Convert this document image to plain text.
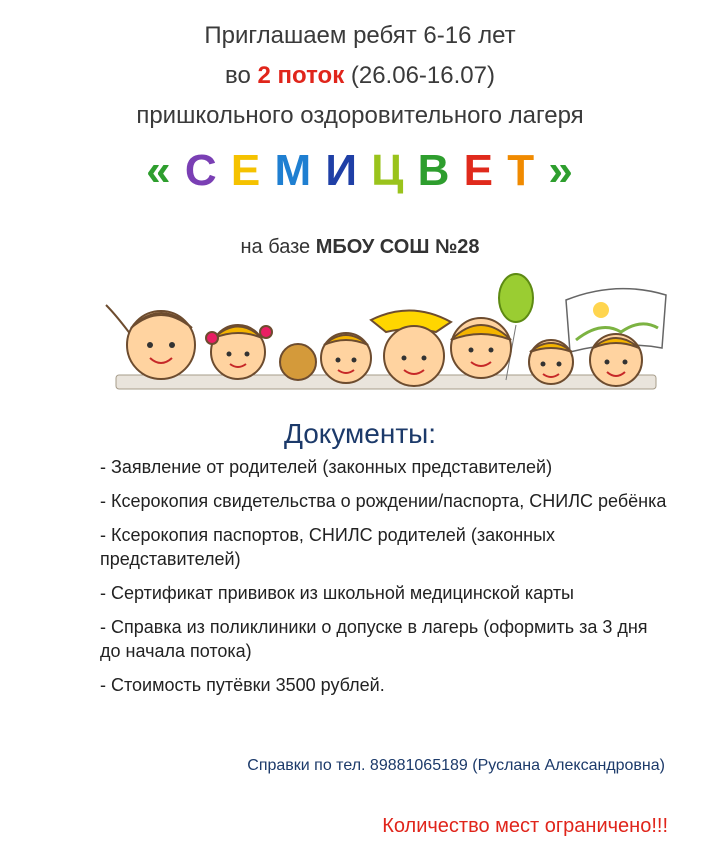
Приглашаем ребят 6-16 лет
во 2 поток (26.06-16.07)
пришкольного оздоровительного лагеря
« С Е М И Ц В Е Т »
на базе МБОУ СОШ №28
Документы:
- Заявление от родителей (законных представителей)
- Ксерокопия свидетельства о рождении/паспорта, СНИЛС ребёнка
- Ксерокопия паспортов, СНИЛС родителей (законных представителей)
- Сертификат прививок из школьной медицинской карты
- Справка из поликлиники о допуске в лагерь (оформить за 3 дня до начала потока)
- Стоимость путёвки 3500 рублей.
Справки по тел. 89881065189 (Руслана Александровна)
Количество мест ограничено!!!
